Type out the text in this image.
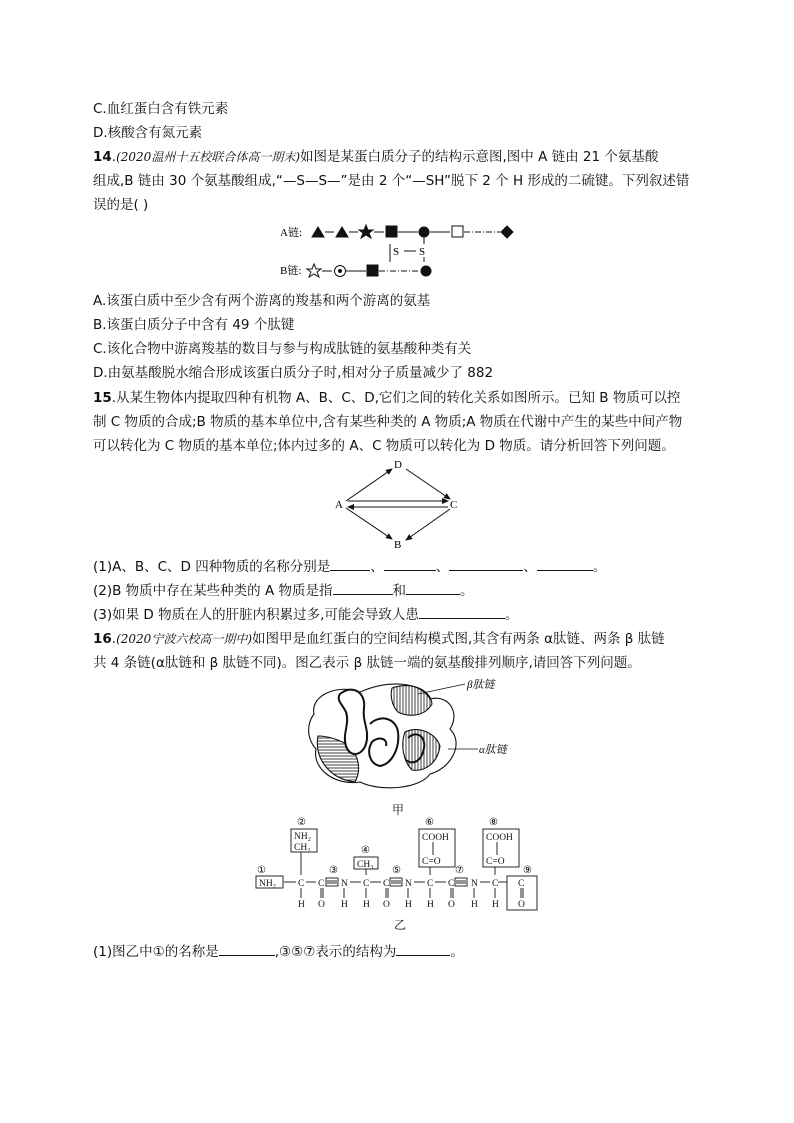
C.血红蛋白含有铁元素
D.核酸含有氮元素
14.(2020温州十五校联合体高一期末)如图是某蛋白质分子的结构示意图,图中 A 链由 21 个氨基酸
组成,B 链由 30 个氨基酸组成,“—S—S—”是由 2 个“—SH”脱下 2 个 H 形成的二硫键。下列叙述错
误的是( )
A链:
S S
B链:
A.该蛋白质中至少含有两个游离的羧基和两个游离的氨基
B.该蛋白质分子中含有 49 个肽键
C.该化合物中游离羧基的数目与参与构成肽链的氨基酸种类有关
D.由氨基酸脱水缩合形成该蛋白质分子时,相对分子质量减少了 882
15.从某生物体内提取四种有机物 A、B、C、D,它们之间的转化关系如图所示。已知 B 物质可以控
制 C 物质的合成;B 物质的基本单位中,含有某些种类的 A 物质;A 物质在代谢中产生的某些中间产物
可以转化为 C 物质的基本单位;体内过多的 A、C 物质可以转化为 D 物质。请分析回答下列问题。
D
A	C
B
(1)A、B、C、D 四种物质的名称分别是	、	、	、	。
(2)B 物质中存在某些种类的 A 物质是指	和	。
(3)如果 D 物质在人的肝脏内积累过多,可能会导致人患	。
16.(2020宁波六校高一期中)如图甲是血红蛋白的空间结构模式图,其含有两条 α肽链、两条 β 肽链
共 4 条链(α肽链和 β 肽链不同)。图乙表示 β 肽链一端的氨基酸排列顺序,请回答下列问题。
β肽链
α肽链
甲
①
②
③
④
⑤
⑥
⑦
⑧
⑨
NH₂
NH₂
CH₂
CH₃
COOH
C=O
COOH
C=O
C C N C C N C C N C C
H O H H O H H O H H O
乙
(1)图乙中①的名称是	,③⑤⑦表示的结构为	。
